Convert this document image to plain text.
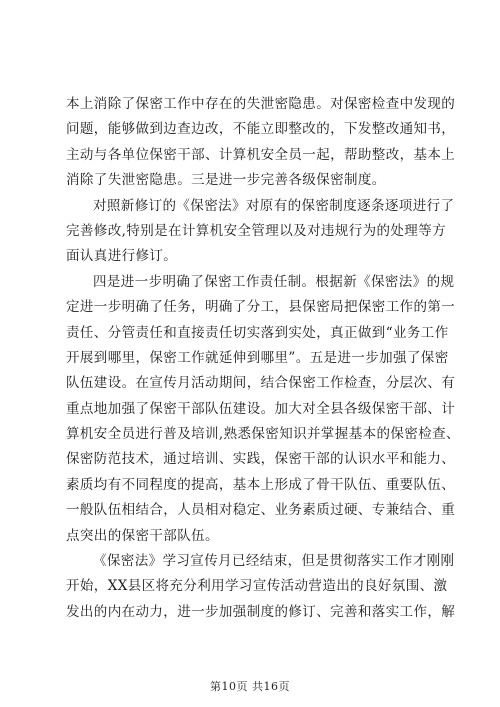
本上消除了保密工作中存在的失泄密隐患。对保密检查中发现的
问题，能够做到边查边改，不能立即整改的，下发整改通知书，
主动与各单位保密干部、计算机安全员一起，帮助整改，基本上
消除了失泄密隐患。三是进一步完善各级保密制度。
对照新修订的《保密法》对原有的保密制度逐条逐项进行了
完善修改,特别是在计算机安全管理以及对违规行为的处理等方
面认真进行修订。
四是进一步明确了保密工作责任制。根据新《保密法》的规
定进一步明确了任务，明确了分工，县保密局把保密工作的第一
责任、分管责任和直接责任切实落到实处，真正做到“业务工作
开展到哪里，保密工作就延伸到哪里”。五是进一步加强了保密
队伍建设。在宣传月活动期间，结合保密工作检查，分层次、有
重点地加强了保密干部队伍建设。加大对全县各级保密干部、计
算机安全员进行普及培训,熟悉保密知识并掌握基本的保密检查、
保密防范技术，通过培训、实践，保密干部的认识水平和能力、
素质均有不同程度的提高，基本上形成了骨干队伍、重要队伍、
一般队伍相结合，人员相对稳定、业务素质过硬、专兼结合、重
点突出的保密干部队伍。
《保密法》学习宣传月已经结束，但是贯彻落实工作才刚刚
开始，XX县区将充分利用学习宣传活动营造出的良好氛围、激
发出的内在动力，进一步加强制度的修订、完善和落实工作，解
第10页 共16页
